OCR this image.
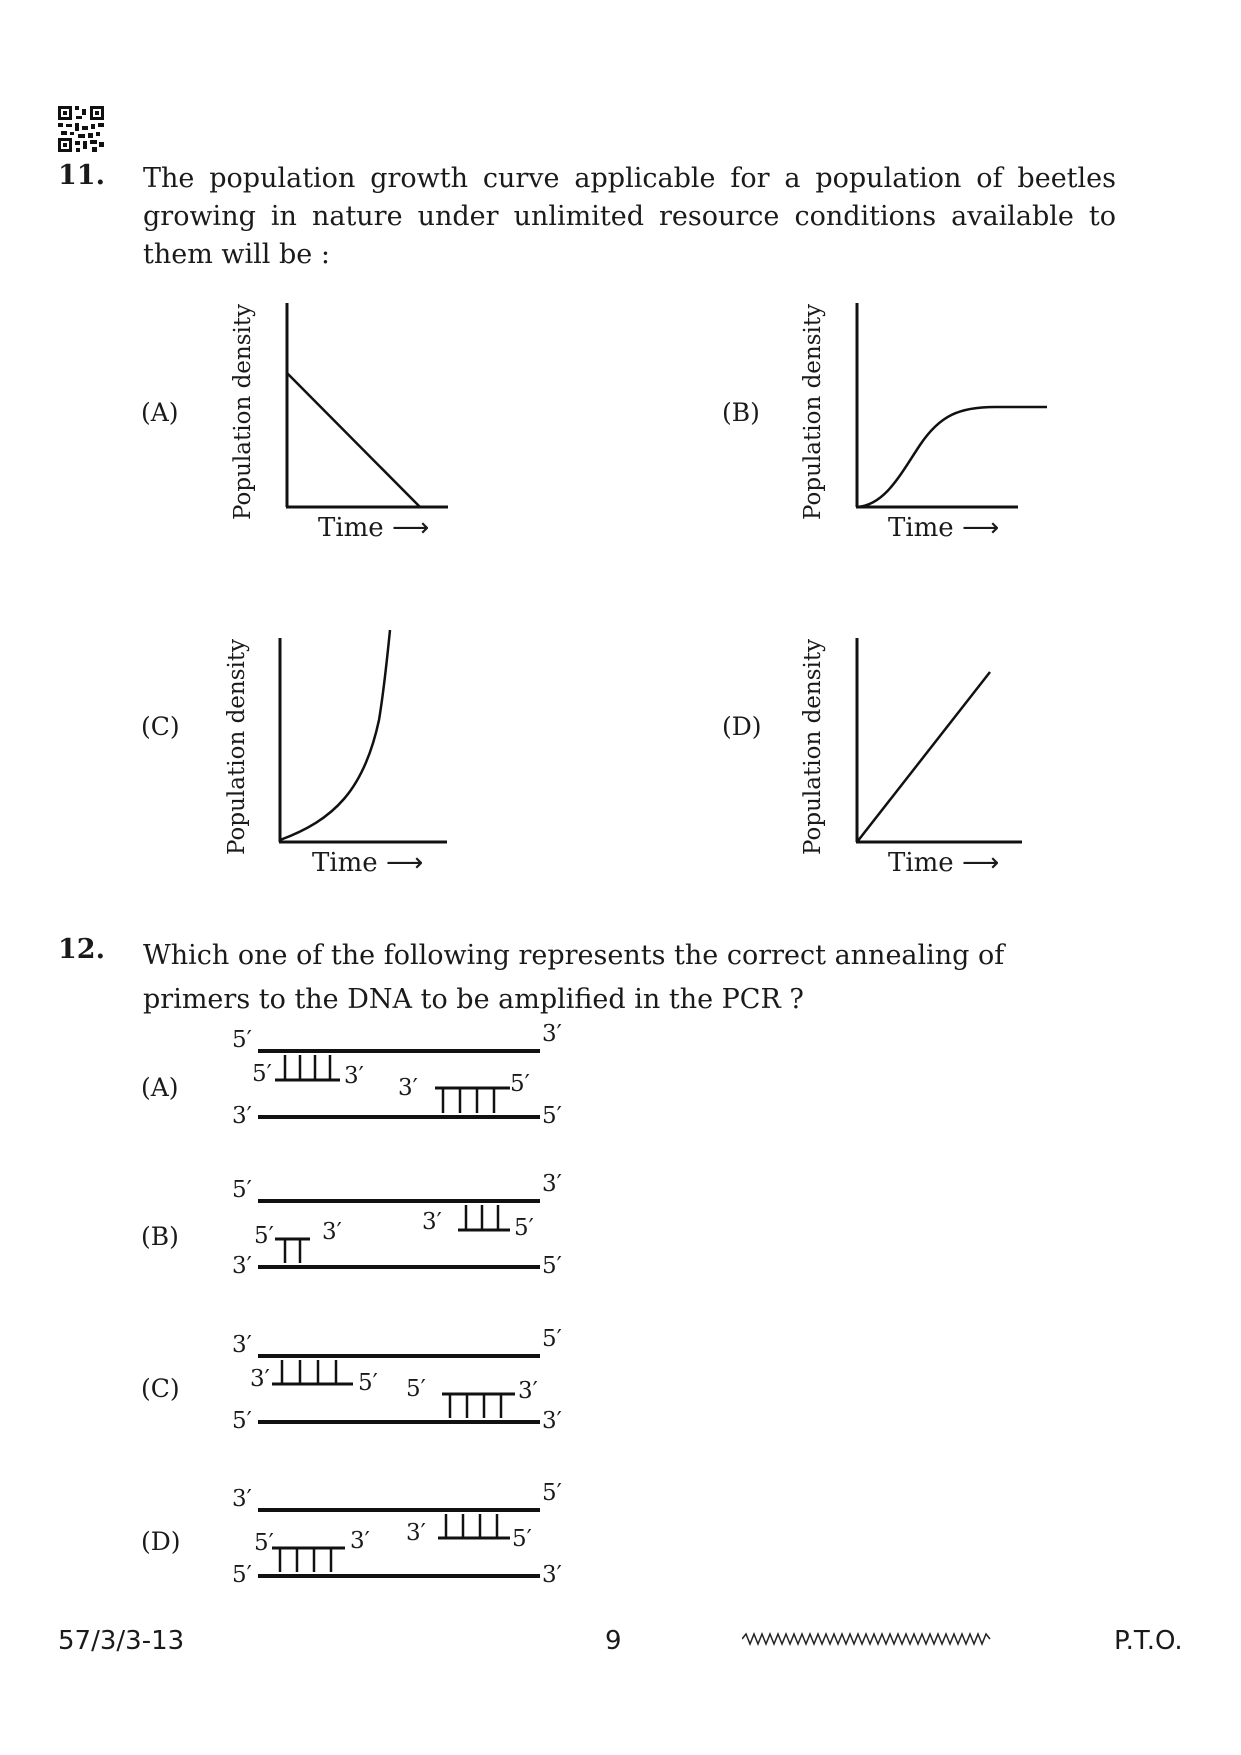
11. The population growth curve applicable for a population of beetles growing in nature under unlimited resource conditions available to them will be :
(A) Population density
Time ⟶
(B) Population density
Time ⟶
(C) Population density
Time ⟶
(D) Population density
Time ⟶
12. Which one of the following represents the correct annealing of primers to the DNA to be amplified in the PCR ?
(A)
5′	3′
3′	5′
5′	3′ 3′	5′
(B)
5′	3′
3′	5′
3′	5′
5′ 3′
(C)
3′	5′
5′	3′
3′	5′ 5′	3′
(D)
3′	5′
5′	3′
3′	5′
5′	3′
57/3/3-13	9	P.T.O.
